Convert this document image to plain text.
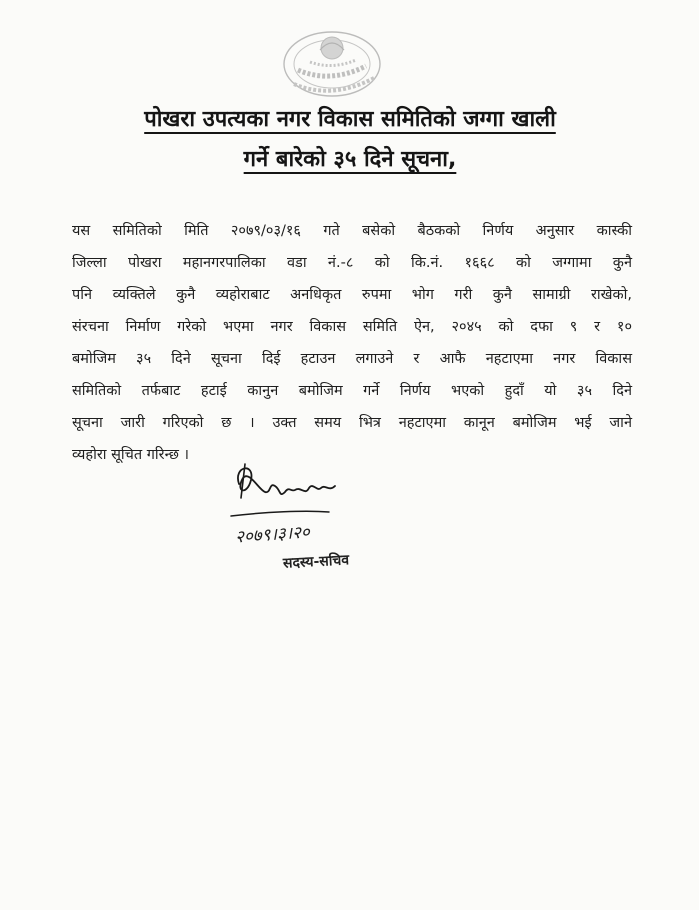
पोखरा उपत्यका नगर विकास समितिको जग्गा खाली
गर्ने बारेको ३५ दिने सूचना,
यस समितिको मिति २०७९/०३/१६ गते बसेको बैठकको निर्णय अनुसार कास्की
जिल्ला पोखरा महानगरपालिका वडा नं.-८ को कि.नं. १६६८ को जग्गामा कुनै
पनि व्यक्तिले कुनै व्यहोराबाट अनधिकृत रुपमा भोग गरी कुनै सामाग्री राखेको,
संरचना निर्माण गरेको भएमा नगर विकास समिति ऐन, २०४५ को दफा ९ र १०
बमोजिम ३५ दिने सूचना दिई हटाउन लगाउने र आफै नहटाएमा नगर विकास
समितिको तर्फबाट हटाई कानुन बमोजिम गर्ने निर्णय भएको हुदाँ यो ३५ दिने
सूचना जारी गरिएको छ । उक्त समय भित्र नहटाएमा कानून बमोजिम भई जाने
व्यहोरा सूचित गरिन्छ ।
२०७९।३।२०
सदस्य-सचिव
